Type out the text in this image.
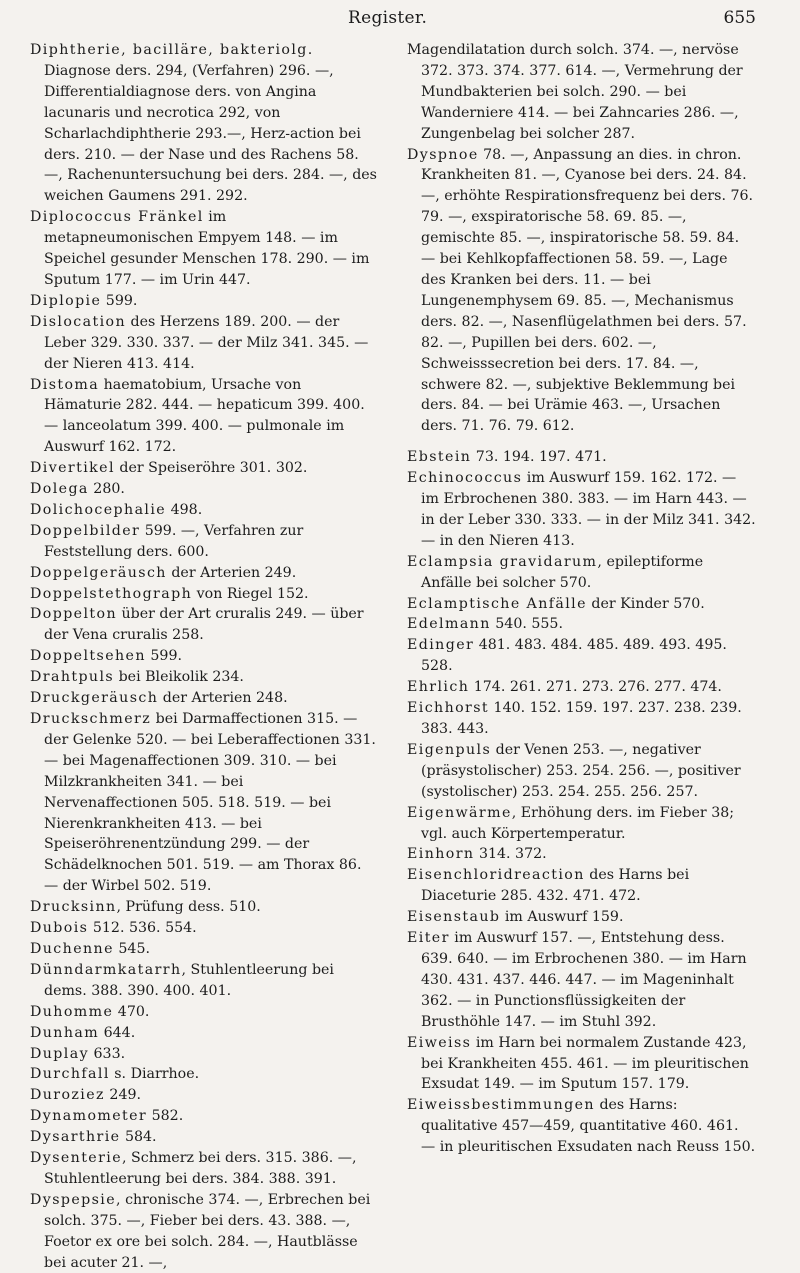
Register.	655

Diphtherie, bacilläre, bakteriolg. Diagnose ders. 294, (Verfahren) 296. —, Differentialdiagnose ders. von Angina lacunaris und necrotica 292, von Scharlachdiphtherie 293.—, Herz-action bei ders. 210. — der Nase und des Rachens 58. —, Rachenuntersuchung bei ders. 284. —, des weichen Gaumens 291. 292.

Diplococcus Fränkel im metapneumonischen Empyem 148. — im Speichel gesunder Menschen 178. 290. — im Sputum 177. — im Urin 447.

Diplopie 599.

Dislocation des Herzens 189. 200. — der Leber 329. 330. 337. — der Milz 341. 345. — der Nieren 413. 414.

Distoma haematobium, Ursache von Hämaturie 282. 444. — hepaticum 399. 400. — lanceolatum 399. 400. — pulmonale im Auswurf 162. 172.

Divertikel der Speiseröhre 301. 302.

Dolega 280.

Dolichocephalie 498.

Doppelbilder 599. —, Verfahren zur Feststellung ders. 600.

Doppelgeräusch der Arterien 249.

Doppelstethograph von Riegel 152.

Doppelton über der Art cruralis 249. — über der Vena cruralis 258.

Doppeltsehen 599.

Drahtpuls bei Bleikolik 234.

Druckgeräusch der Arterien 248.

Druckschmerz bei Darmaffectionen 315. — der Gelenke 520. — bei Leberaffectionen 331. — bei Magenaffectionen 309. 310. — bei Milzkrankheiten 341. — bei Nervenaffectionen 505. 518. 519. — bei Nierenkrankheiten 413. — bei Speiseröhrenentzündung 299. — der Schädelknochen 501. 519. — am Thorax 86. — der Wirbel 502. 519.

Drucksinn, Prüfung dess. 510.

Dubois 512. 536. 554.

Duchenne 545.

Dünndarmkatarrh, Stuhlentleerung bei dems. 388. 390. 400. 401.

Duhomme 470.

Dunham 644.

Duplay 633.

Durchfall s. Diarrhoe.

Duroziez 249.

Dynamometer 582.

Dysarthrie 584.

Dysenterie, Schmerz bei ders. 315. 386. —, Stuhlentleerung bei ders. 384. 388. 391.

Dyspepsie, chronische 374. —, Erbrechen bei solch. 375. —, Fieber bei ders. 43. 388. —, Foetor ex ore bei solch. 284. —, Hautblässe bei acuter 21. —,

Magendilatation durch solch. 374. —, nervöse 372. 373. 374. 377. 614. —, Vermehrung der Mundbakterien bei solch. 290. — bei Wanderniere 414. — bei Zahncaries 286. —, Zungenbelag bei solcher 287.

Dyspnoe 78. —, Anpassung an dies. in chron. Krankheiten 81. —, Cyanose bei ders. 24. 84. —, erhöhte Respirationsfrequenz bei ders. 76. 79. —, exspiratorische 58. 69. 85. —, gemischte 85. —, inspiratorische 58. 59. 84. — bei Kehlkopfaffectionen 58. 59. —, Lage des Kranken bei ders. 11. — bei Lungenemphysem 69. 85. —, Mechanismus ders. 82. —, Nasenflügelathmen bei ders. 57. 82. —, Pupillen bei ders. 602. —, Schweisssecretion bei ders. 17. 84. —, schwere 82. —, subjektive Beklemmung bei ders. 84. — bei Urämie 463. —, Ursachen ders. 71. 76. 79. 612.

Ebstein 73. 194. 197. 471.

Echinococcus im Auswurf 159. 162. 172. — im Erbrochenen 380. 383. — im Harn 443. — in der Leber 330. 333. — in der Milz 341. 342. — in den Nieren 413.

Eclampsia gravidarum, epileptiforme Anfälle bei solcher 570.

Eclamptische Anfälle der Kinder 570.

Edelmann 540. 555.

Edinger 481. 483. 484. 485. 489. 493. 495. 528.

Ehrlich 174. 261. 271. 273. 276. 277. 474.

Eichhorst 140. 152. 159. 197. 237. 238. 239. 383. 443.

Eigenpuls der Venen 253. —, negativer (präsystolischer) 253. 254. 256. —, positiver (systolischer) 253. 254. 255. 256. 257.

Eigenwärme, Erhöhung ders. im Fieber 38; vgl. auch Körpertemperatur.

Einhorn 314. 372.

Eisenchloridreaction des Harns bei Diaceturie 285. 432. 471. 472.

Eisenstaub im Auswurf 159.

Eiter im Auswurf 157. —, Entstehung dess. 639. 640. — im Erbrochenen 380. — im Harn 430. 431. 437. 446. 447. — im Mageninhalt 362. — in Punctionsflüssigkeiten der Brusthöhle 147. — im Stuhl 392.

Eiweiss im Harn bei normalem Zustande 423, bei Krankheiten 455. 461. — im pleuritischen Exsudat 149. — im Sputum 157. 179.

Eiweissbestimmungen des Harns: qualitative 457—459, quantitative 460. 461. — in pleuritischen Exsudaten nach Reuss 150.
